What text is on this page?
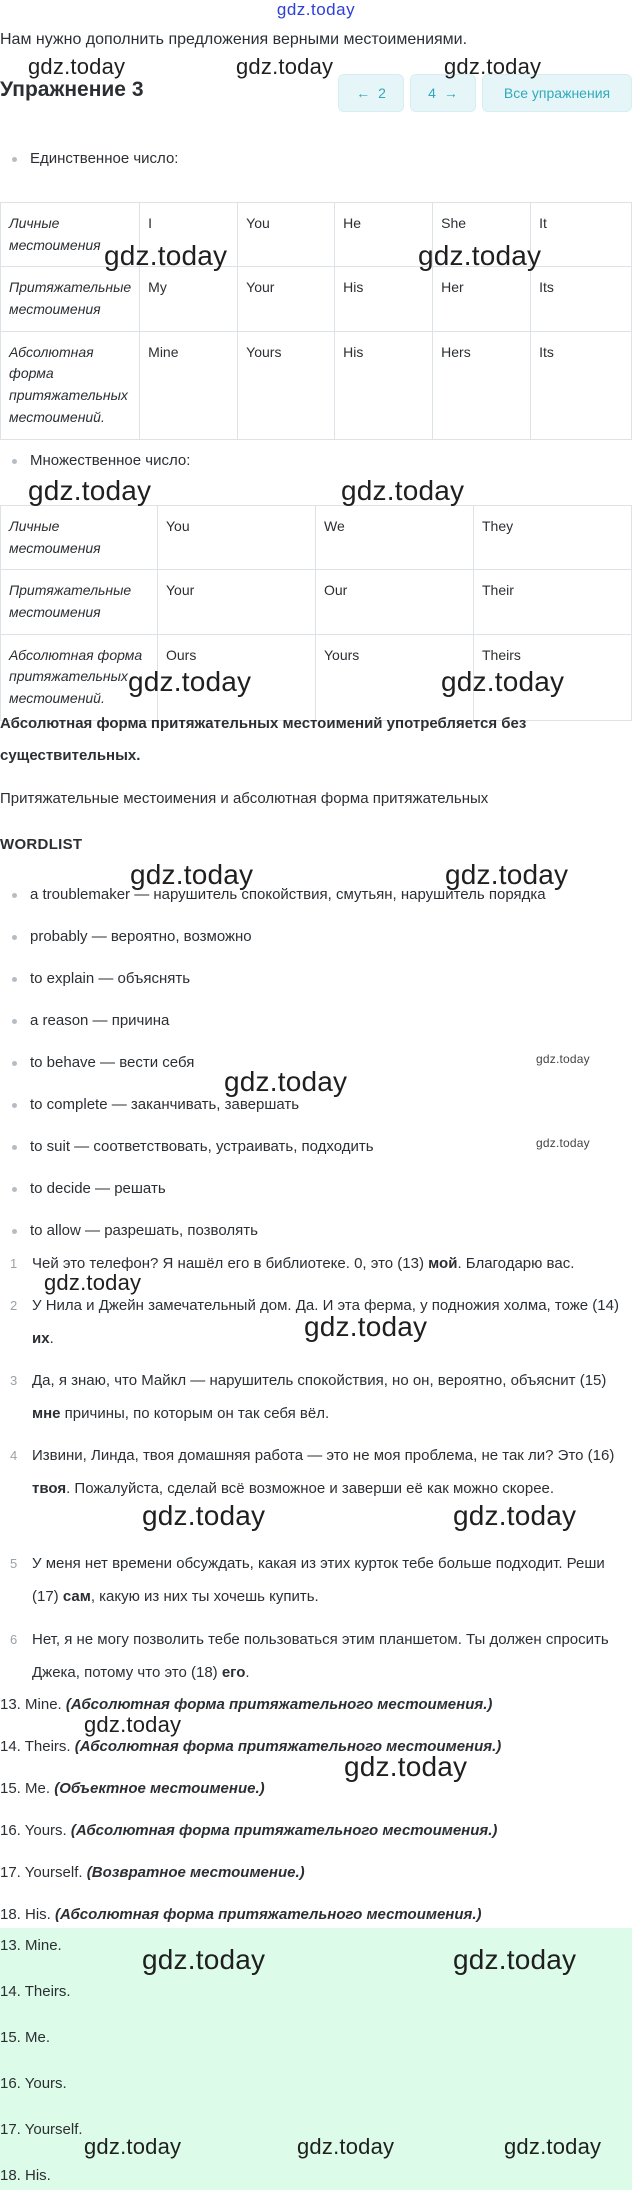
gdz.today
Нам нужно дополнить предложения верными местоимениями.
Упражнение 3	← 2	4 →	Все упражнения
Единственное число:
Личные местоимения	I	You	He	She	It
Притяжательные местоимения	My	Your	His	Her	Its
Абсолютная форма притяжательных местоимений.	Mine	Yours	His	Hers	Its
Множественное число:
Личные местоимения	You	We	They
Притяжательные местоимения	Your	Our	Their
Абсолютная форма притяжательных местоимений.	Ours	Yours	Theirs
Абсолютная форма притяжательных местоимений употребляется без существительных.
Притяжательные местоимения и абсолютная форма притяжательных
WORDLIST
a troublemaker — нарушитель спокойствия, смутьян, нарушитель порядка
probably — вероятно, возможно
to explain — объяснять
a reason — причина
to behave — вести себя
to complete — заканчивать, завершать
to suit — соответствовать, устраивать, подходить
to decide — решать
to allow — разрешать, позволять
1 Чей это телефон? Я нашёл его в библиотеке. 0, это (13) мой. Благодарю вас.
2 У Нила и Джейн замечательный дом. Да. И эта ферма, у подножия холма, тоже (14) их.
3 Да, я знаю, что Майкл — нарушитель спокойствия, но он, вероятно, объяснит (15) мне причины, по которым он так себя вёл.
4 Извини, Линда, твоя домашняя работа — это не моя проблема, не так ли? Это (16) твоя. Пожалуйста, сделай всё возможное и заверши её как можно скорее.
5 У меня нет времени обсуждать, какая из этих курток тебе больше подходит. Реши (17) сам, какую из них ты хочешь купить.
6 Нет, я не могу позволить тебе пользоваться этим планшетом. Ты должен спросить Джека, потому что это (18) его.
13. Mine. (Абсолютная форма притяжательного местоимения.)
14. Theirs. (Абсолютная форма притяжательного местоимения.)
15. Me. (Объектное местоимение.)
16. Yours. (Абсолютная форма притяжательного местоимения.)
17. Yourself. (Возвратное местоимение.)
18. His. (Абсолютная форма притяжательного местоимения.)
13. Mine.
14. Theirs.
15. Me.
16. Yours.
17. Yourself.
18. His.
gdz.today	gdz.today	gdz.today
gdz.today	gdz.today
gdz.today	gdz.today
gdz.today	gdz.today
gdz.today	gdz.today
gdz.today
gdz.today
gdz.today
gdz.today
gdz.today
gdz.today	gdz.today
gdz.today
gdz.today
gdz.today	gdz.today
gdz.today	gdz.today	gdz.today
